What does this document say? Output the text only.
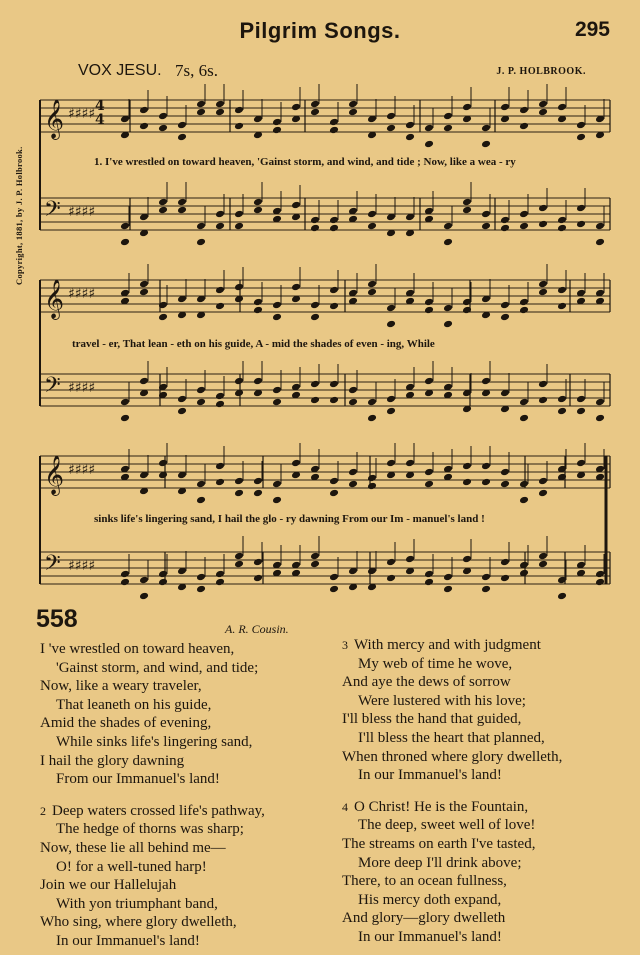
Pilgrim Songs.	295
VOX JESU. 7s, 6s.	J. P. HOLBROOK.
Copyright, 1881, by J. P. Holbrook.
𝄞 ♯♯♯♯
𝄢 ♯♯♯♯
𝄞 ♯♯♯♯
𝄢 ♯♯♯♯
𝄞 ♯♯♯♯
𝄢 ♯♯♯♯
4
4
1. I've wrestled on toward heaven, 'Gainst storm, and wind, and tide ; Now, like a wea - ry
travel - er, That lean - eth on his guide, A - mid the shades of even - ing, While
sinks life's lingering sand, I hail the glo - ry dawning From our Im - manuel's land !
558	A. R. Cousin.
I 've wrestled on toward heaven,
'Gainst storm, and wind, and tide;
Now, like a weary traveler,
That leaneth on his guide,
Amid the shades of evening,
While sinks life's lingering sand,
I hail the glory dawning
From our Immanuel's land!
2 Deep waters crossed life's pathway,
The hedge of thorns was sharp;
Now, these lie all behind me—
O! for a well-tuned harp!
Join we our Hallelujah
With yon triumphant band,
Who sing, where glory dwelleth,
In our Immanuel's land!
3 With mercy and with judgment
My web of time he wove,
And aye the dews of sorrow
Were lustered with his love;
I'll bless the hand that guided,
I'll bless the heart that planned,
When throned where glory dwelleth,
In our Immanuel's land!
4 O Christ! He is the Fountain,
The deep, sweet well of love!
The streams on earth I've tasted,
More deep I'll drink above;
There, to an ocean fullness,
His mercy doth expand,
And glory—glory dwelleth
In our Immanuel's land!
